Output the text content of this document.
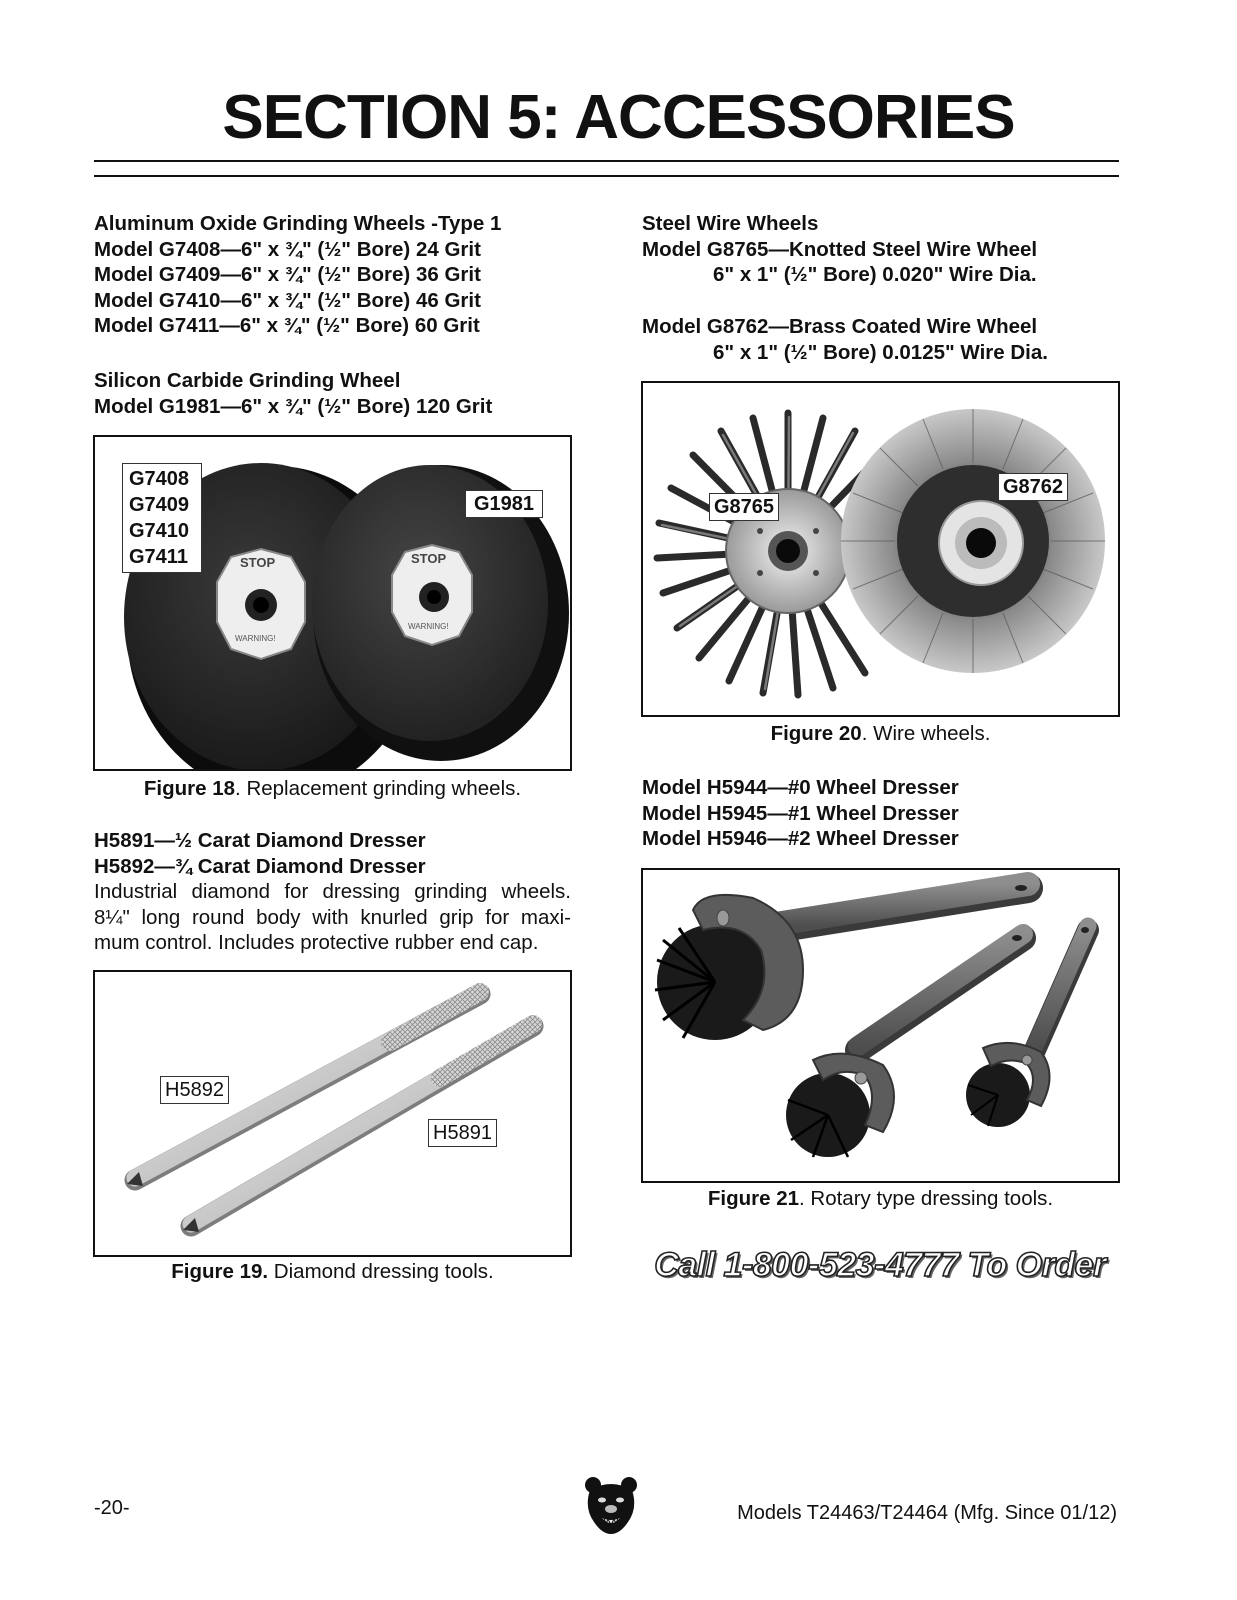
SECTION 5: ACCESSORIES
Aluminum Oxide Grinding Wheels -Type 1
Model G7408—6" x ¾" (½" Bore) 24 Grit
Model G7409—6" x ¾" (½" Bore) 36 Grit
Model G7410—6" x ¾" (½" Bore) 46 Grit
Model G7411—6" x ¾" (½" Bore) 60 Grit
Silicon Carbide Grinding Wheel
Model G1981—6" x ¾" (½" Bore) 120 Grit
STOP
WARNING!
STOP
WARNING!
G7408
G7409
G7410
G7411
G1981
Figure 18. Replacement grinding wheels.
H5891—½ Carat Diamond Dresser
H5892—¾ Carat Diamond Dresser
Industrial diamond for dressing grinding wheels.
8¼" long round body with knurled grip for maxi-
mum control. Includes protective rubber end cap.
H5892
H5891
Figure 19. Diamond dressing tools.
Steel Wire Wheels
Model G8765—Knotted Steel Wire Wheel
6" x 1" (½" Bore) 0.020" Wire Dia.
Model G8762—Brass Coated Wire Wheel
6" x 1" (½" Bore) 0.0125" Wire Dia.
G8765
G8762
Figure 20. Wire wheels.
Model H5944—#0 Wheel Dresser
Model H5945—#1 Wheel Dresser
Model H5946—#2 Wheel Dresser
Figure 21. Rotary type dressing tools.
Call 1-800-523-4777 To Order
-20-	Models T24463/T24464 (Mfg. Since 01/12)
